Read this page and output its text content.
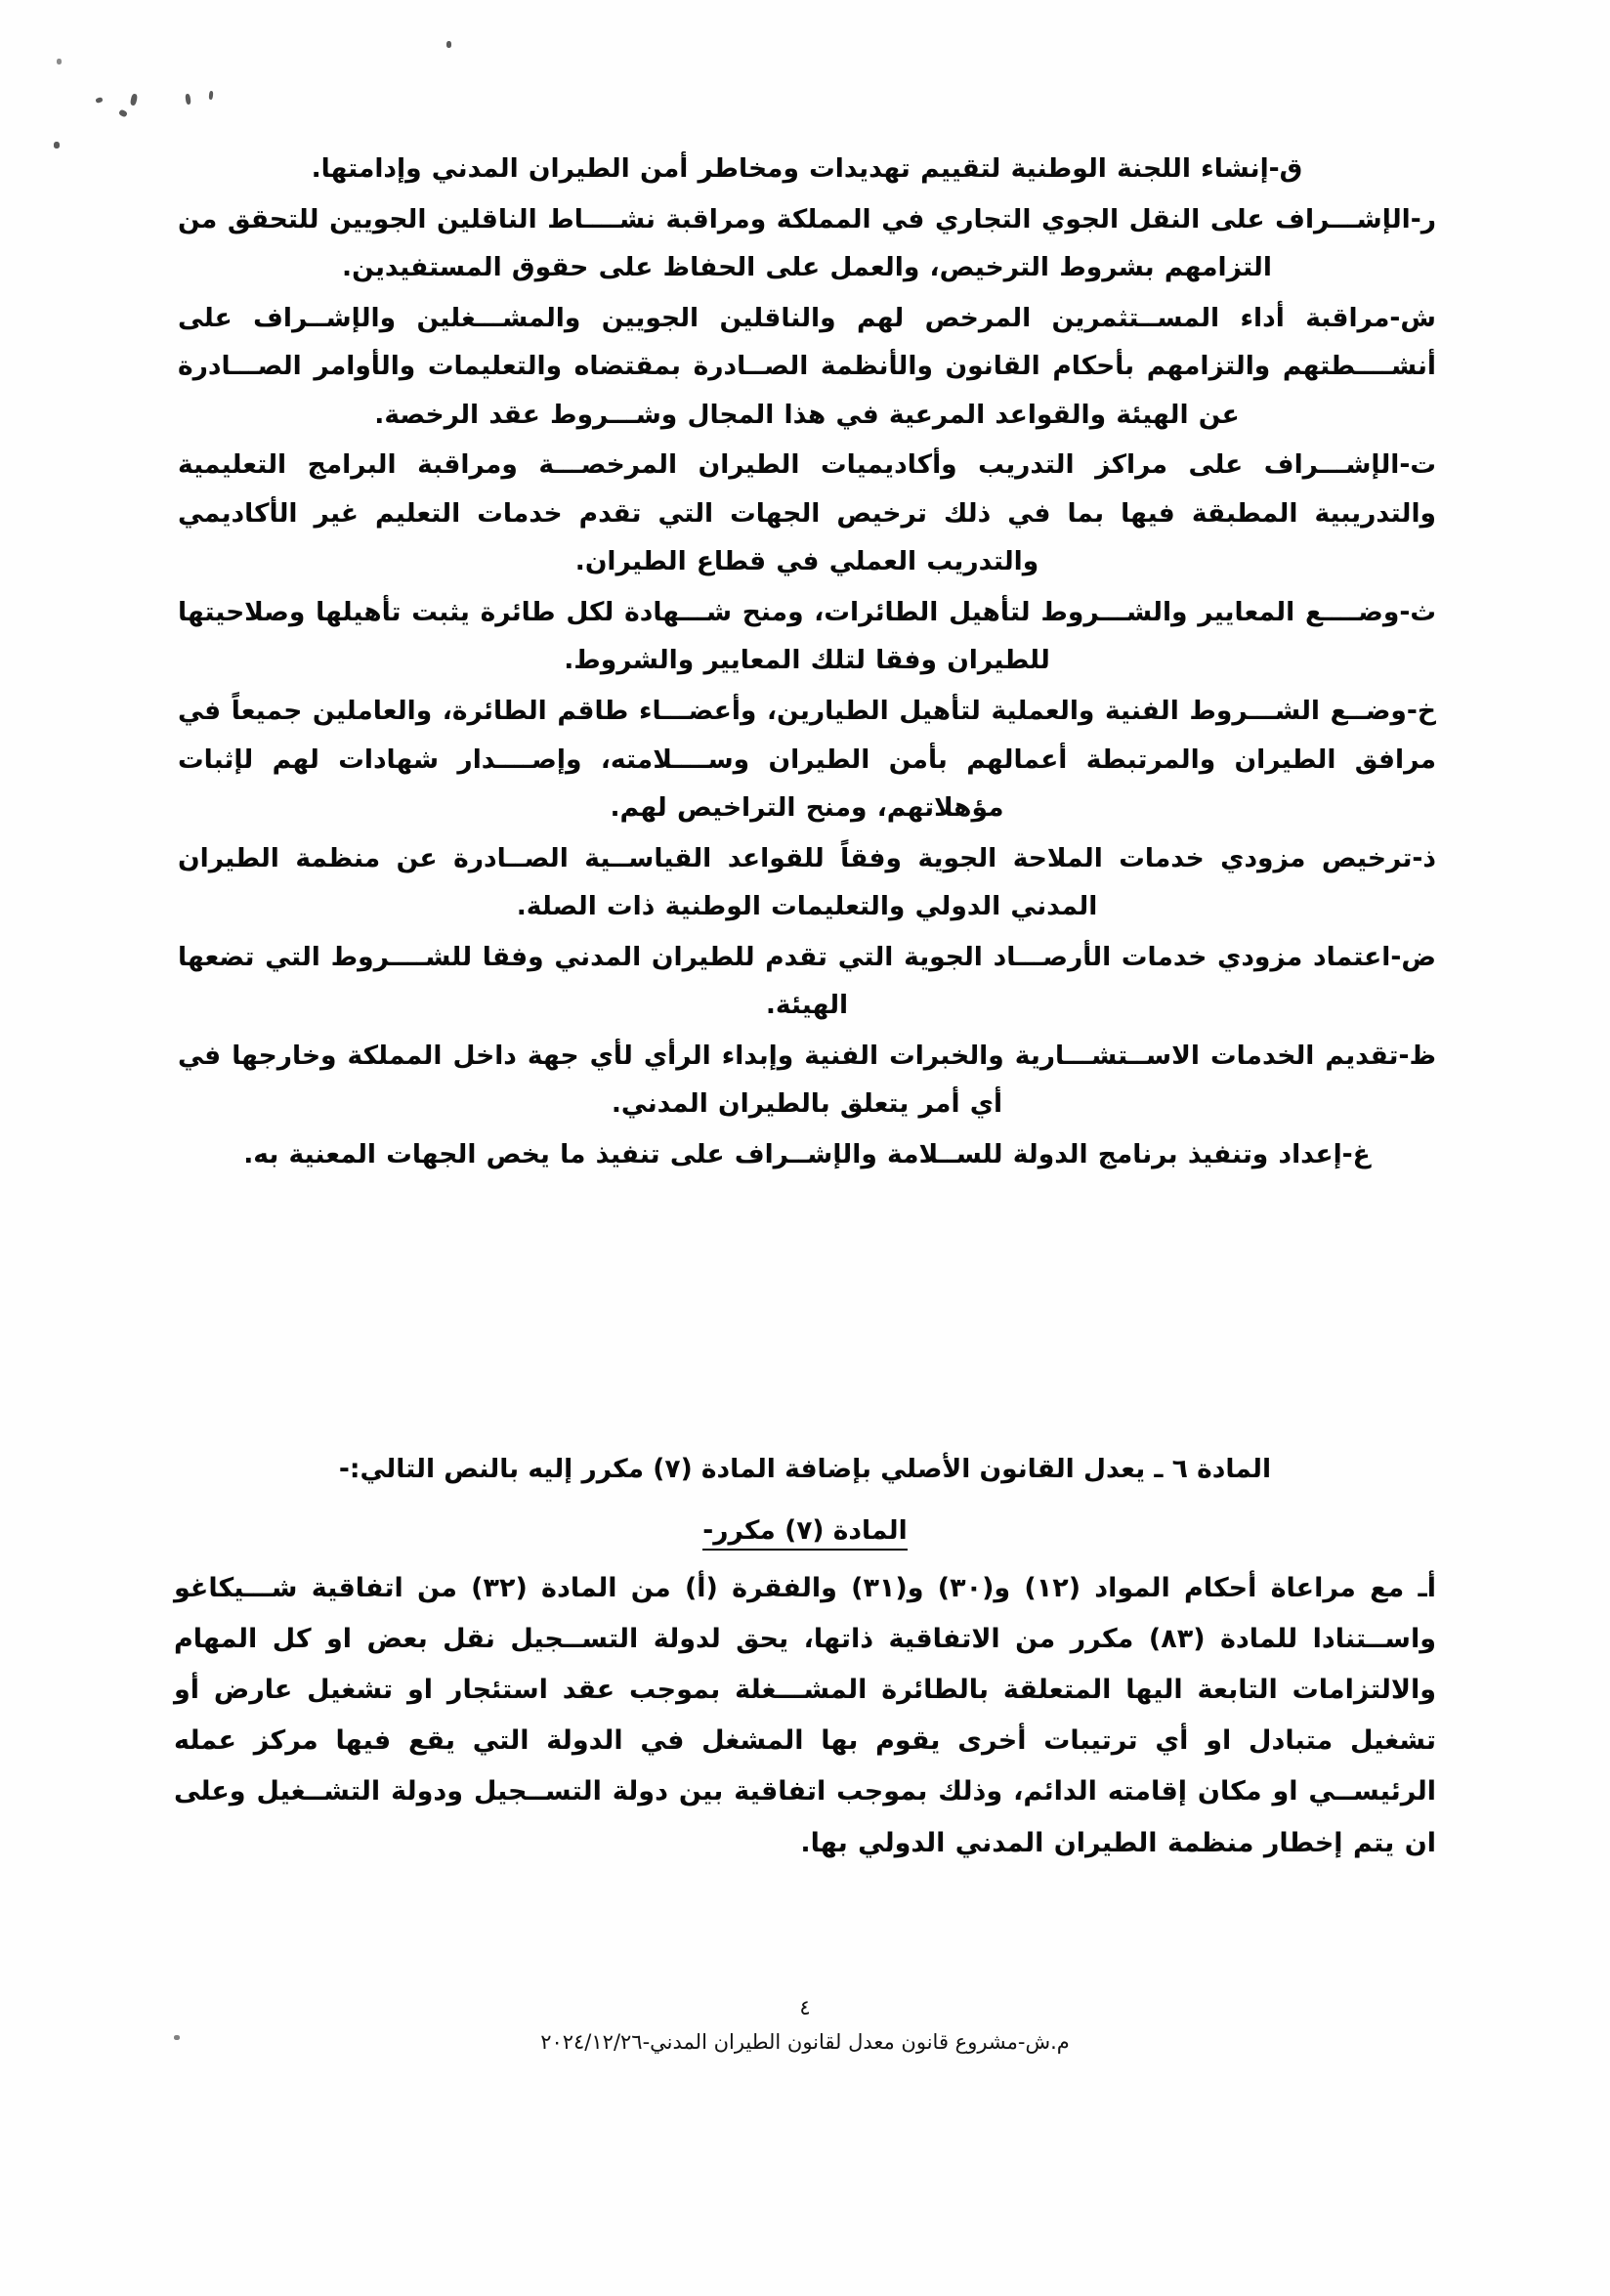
ق-إنشاء اللجنة الوطنية لتقييم تهديدات ومخاطر أمن الطيران المدني وإدامتها.

ر-الإشـــراف على النقل الجوي التجاري في المملكة ومراقبة نشــــاط الناقلين الجويين للتحقق من التزامهم بشروط الترخيص، والعمل على الحفاظ على حقوق المستفيدين.

ش-مراقبة أداء المســتثمرين المرخص لهم والناقلين الجويين والمشـــغلين والإشــراف على أنشــــطتهم والتزامهم بأحكام القانون والأنظمة الصــادرة بمقتضاه والتعليمات والأوامر الصـــادرة عن الهيئة والقواعد المرعية في هذا المجال وشـــروط عقد الرخصة.

ت-الإشـــراف على مراكز التدريب وأكاديميات الطيران المرخصـــة ومراقبة البرامج التعليمية والتدريبية المطبقة فيها بما في ذلك ترخيص الجهات التي تقدم خدمات التعليم غير الأكاديمي والتدريب العملي في قطاع الطيران.

ث-وضــــع المعايير والشـــروط لتأهيل الطائرات، ومنح شـــهادة لكل طائرة يثبت تأهيلها وصلاحيتها للطيران وفقا لتلك المعايير والشروط.

خ-وضــع الشـــروط الفنية والعملية لتأهيل الطيارين، وأعضـــاء طاقم الطائرة، والعاملين جميعاً في مرافق الطيران والمرتبطة أعمالهم بأمن الطيران وســــلامته، وإصــــدار شهادات لهم لإثبات مؤهلاتهم، ومنح التراخيص لهم.

ذ-ترخيص مزودي خدمات الملاحة الجوية وفقاً للقواعد القياســية الصــادرة عن منظمة الطيران المدني الدولي والتعليمات الوطنية ذات الصلة.

ض-اعتماد مزودي خدمات الأرصـــاد الجوية التي تقدم للطيران المدني وفقا للشــــروط التي تضعها الهيئة.

ظ-تقديم الخدمات الاســتشـــارية والخبرات الفنية وإبداء الرأي لأي جهة داخل المملكة وخارجها في أي أمر يتعلق بالطيران المدني.

غ-إعداد وتنفيذ برنامج الدولة للســلامة والإشــراف على تنفيذ ما يخص الجهات المعنية به.

المادة ٦ ـ يعدل القانون الأصلي بإضافة المادة (٧) مكرر إليه بالنص التالي:-
المادة (٧) مكرر-

أـ مع مراعاة أحكام المواد (١٢) و(٣٠) و(٣١) والفقرة (أ) من المادة (٣٢) من اتفاقية شـــيكاغو واســتنادا للمادة (٨٣) مكرر من الاتفاقية ذاتها، يحق لدولة التســجيل نقل بعض او كل المهام والالتزامات التابعة اليها المتعلقة بالطائرة المشـــغلة بموجب عقد استئجار او تشغيل عارض أو تشغيل متبادل او أي ترتيبات أخرى يقوم بها المشغل في الدولة التي يقع فيها مركز عمله الرئيســي او مكان إقامته الدائم، وذلك بموجب اتفاقية بين دولة التســجيل ودولة التشــغيل وعلى ان يتم إخطار منظمة الطيران المدني الدولي بها.

٤
م.ش-مشروع قانون معدل لقانون الطيران المدني-٢٠٢٤/١٢/٢٦
